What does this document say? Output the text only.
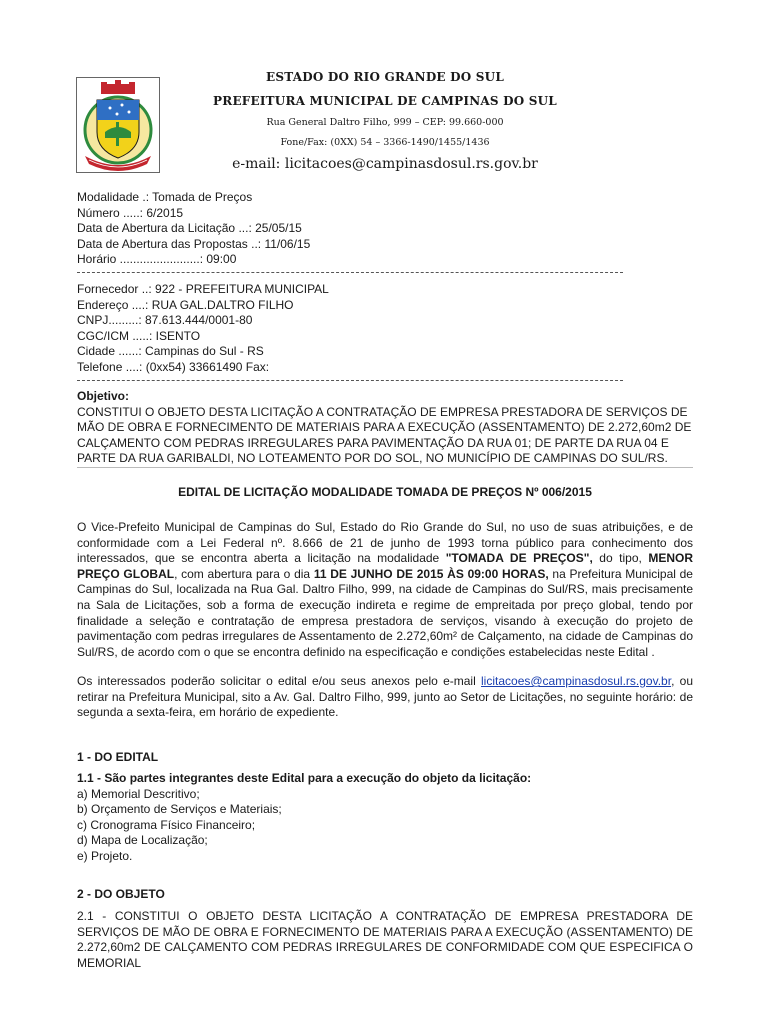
ESTADO DO RIO GRANDE DO SUL
PREFEITURA MUNICIPAL DE CAMPINAS DO SUL
Rua General Daltro Filho, 999 – CEP: 99.660-000
Fone/Fax: (0XX) 54 – 3366-1490/1455/1436
e-mail: licitacoes@campinasdosul.rs.gov.br
Modalidade .: Tomada de Preços
Número .....: 6/2015
Data de Abertura da Licitação ...: 25/05/15
Data de Abertura das Propostas ..: 11/06/15
Horário ........................: 09:00
Fornecedor ..: 922 - PREFEITURA MUNICIPAL
Endereço ....: RUA GAL.DALTRO FILHO
CNPJ.........: 87.613.444/0001-80
CGC/ICM .....: ISENTO
Cidade ......: Campinas do Sul - RS
Telefone ....: (0xx54) 33661490 Fax:
Objetivo:
CONSTITUI O OBJETO DESTA LICITAÇÃO A CONTRATAÇÃO DE EMPRESA PRESTADORA DE SERVIÇOS DE
MÃO DE OBRA E FORNECIMENTO DE MATERIAIS PARA A EXECUÇÃO (ASSENTAMENTO) DE 2.272,60m2 DE
CALÇAMENTO COM PEDRAS IRREGULARES PARA PAVIMENTAÇÃO DA RUA 01; DE PARTE DA RUA 04 E
PARTE DA RUA GARIBALDI, NO LOTEAMENTO POR DO SOL, NO MUNICÍPIO DE CAMPINAS DO SUL/RS.
EDITAL DE LICITAÇÃO MODALIDADE TOMADA DE PREÇOS Nº 006/2015
O Vice-Prefeito Municipal de Campinas do Sul, Estado do Rio Grande do Sul, no uso de suas atribuições, e de conformidade com a Lei Federal nº. 8.666 de 21 de junho de 1993 torna público para conhecimento dos interessados, que se encontra aberta a licitação na modalidade "TOMADA DE PREÇOS", do tipo, MENOR PREÇO GLOBAL, com abertura para o dia 11 DE JUNHO DE 2015 ÀS 09:00 HORAS, na Prefeitura Municipal de Campinas do Sul, localizada na Rua Gal. Daltro Filho, 999, na cidade de Campinas do Sul/RS, mais precisamente na Sala de Licitações, sob a forma de execução indireta e regime de empreitada por preço global, tendo por finalidade a seleção e contratação de empresa prestadora de serviços, visando à execução do projeto de pavimentação com pedras irregulares de Assentamento de 2.272,60m² de Calçamento, na cidade de Campinas do Sul/RS, de acordo com o que se encontra definido na especificação e condições estabelecidas neste Edital .
Os interessados poderão solicitar o edital e/ou seus anexos pelo e-mail licitacoes@campinasdosul.rs.gov.br, ou retirar na Prefeitura Municipal, sito a Av. Gal. Daltro Filho, 999, junto ao Setor de Licitações, no seguinte horário: de segunda a sexta-feira, em horário de expediente.
1 - DO EDITAL
1.1 - São partes integrantes deste Edital para a execução do objeto da licitação:
a) Memorial Descritivo;
b) Orçamento de Serviços e Materiais;
c) Cronograma Físico Financeiro;
d) Mapa de Localização;
e) Projeto.
2 - DO OBJETO
2.1 - CONSTITUI O OBJETO DESTA LICITAÇÃO A CONTRATAÇÃO DE EMPRESA PRESTADORA DE SERVIÇOS DE MÃO DE OBRA E FORNECIMENTO DE MATERIAIS PARA A EXECUÇÃO (ASSENTAMENTO) DE 2.272,60m2 DE CALÇAMENTO COM PEDRAS IRREGULARES DE CONFORMIDADE COM QUE ESPECIFICA O MEMORIAL
